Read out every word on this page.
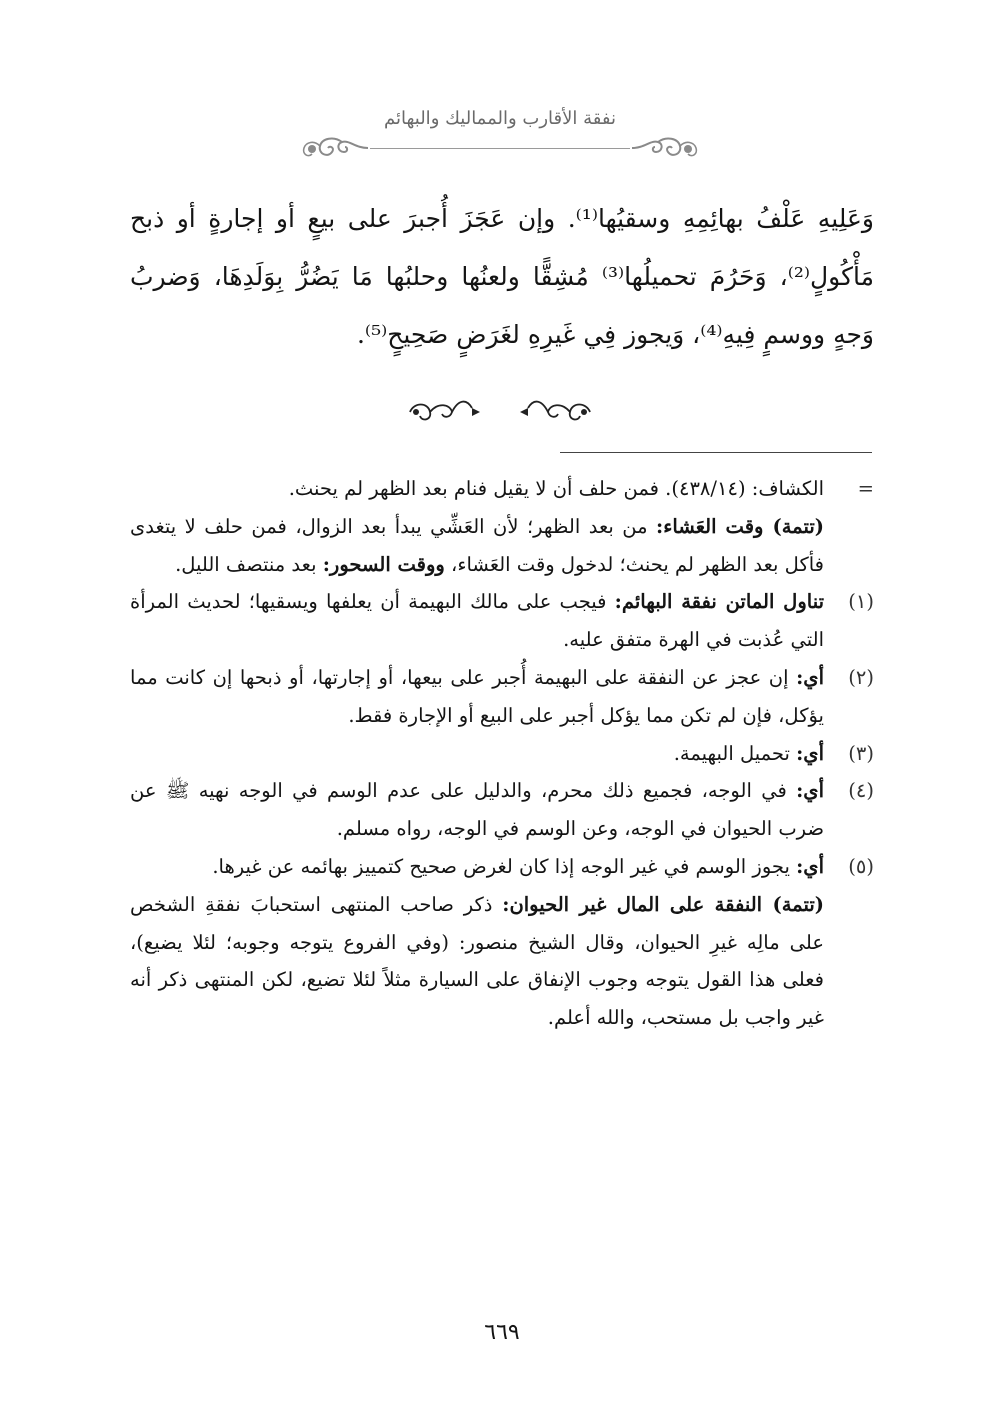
نفقة الأقارب والمماليك والبهائم

وَعَلِيهِ عَلْفُ بهائِمِهِ وسقيُها⁽¹⁾. وإن عَجَزَ أُجبرَ على بيعٍ أو إجارةٍ أو ذبح مَأْكُولٍ⁽²⁾، وَحَرُمَ تحميلُها⁽³⁾ مُشِقًّا ولعنُها وحلبُها مَا يَضُرُّ بِوَلَدِهَا، وَضربُ وَجهٍ ووسمٍ فِيهِ⁽⁴⁾، وَيجوز فِي غَيرِهِ لغَرَضٍ صَحِيحٍ⁽⁵⁾.

=
الكشاف: (٤٣٨/١٤). فمن حلف أن لا يقيل فنام بعد الظهر لم يحنث.
(تتمة) وقت العَشاء: من بعد الظهر؛ لأن العَشِّي يبدأ بعد الزوال، فمن حلف لا يتغدى فأكل بعد الظهر لم يحنث؛ لدخول وقت العَشاء، ووقت السحور: بعد منتصف الليل.
(١)
تناول الماتن نفقة البهائم: فيجب على مالك البهيمة أن يعلفها ويسقيها؛ لحديث المرأة التي عُذبت في الهرة متفق عليه.
(٢)
أي: إن عجز عن النفقة على البهيمة أُجبر على بيعها، أو إجارتها، أو ذبحها إن كانت مما يؤكل، فإن لم تكن مما يؤكل أجبر على البيع أو الإجارة فقط.
(٣)
أي: تحميل البهيمة.
(٤)
أي: في الوجه، فجميع ذلك محرم، والدليل على عدم الوسم في الوجه نهيه ﷺ عن ضرب الحيوان في الوجه، وعن الوسم في الوجه، رواه مسلم.
(٥)
أي: يجوز الوسم في غير الوجه إذا كان لغرض صحيح كتمييز بهائمه عن غيرها.
(تتمة) النفقة على المال غير الحيوان: ذكر صاحب المنتهى استحبابَ نفقةِ الشخص على مالِه غيرِ الحيوان، وقال الشيخ منصور: (وفي الفروع يتوجه وجوبه؛ لئلا يضيع)، فعلى هذا القول يتوجه وجوب الإنفاق على السيارة مثلاً لئلا تضيع، لكن المنتهى ذكر أنه غير واجب بل مستحب، والله أعلم.
٦٦٩
